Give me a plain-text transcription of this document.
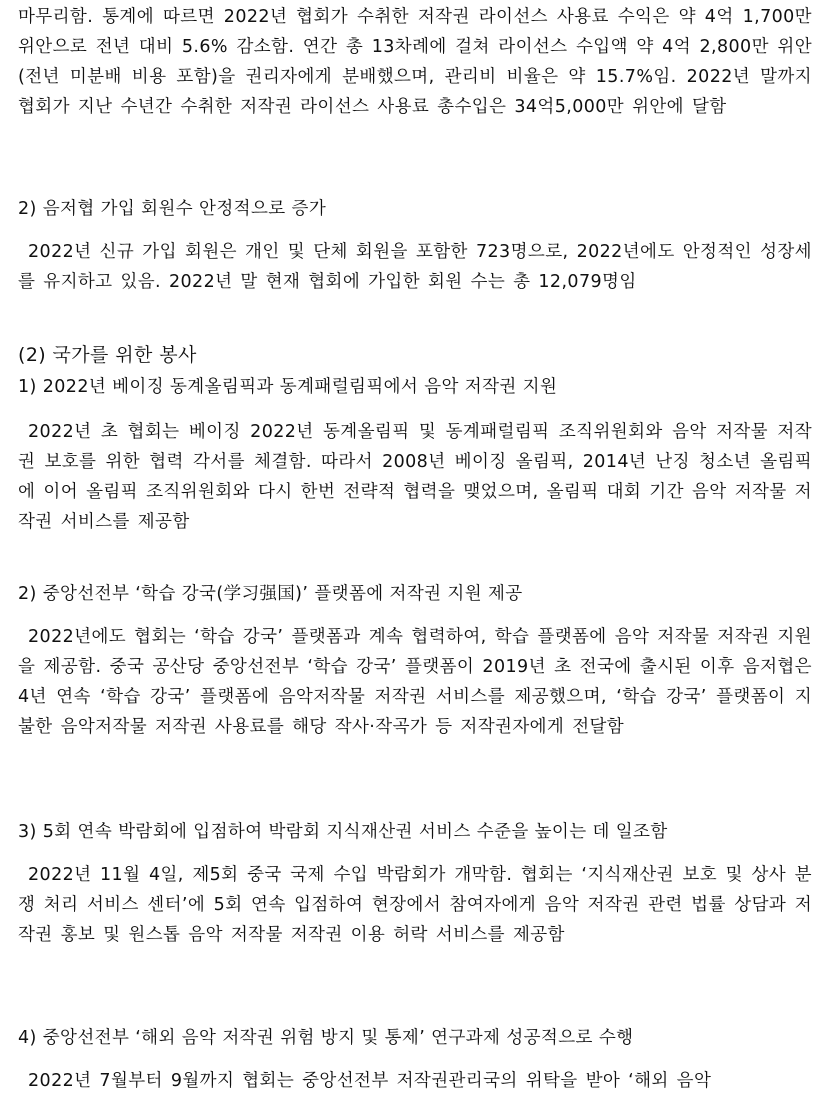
마무리함. 통계에 따르면 2022년 협회가 수취한 저작권 라이선스 사용료 수익은 약 4억 1,700만 위안으로 전년 대비 5.6% 감소함. 연간 총 13차례에 걸쳐 라이선스 수입액 약 4억 2,800만 위안(전년 미분배 비용 포함)을 권리자에게 분배했으며, 관리비 비율은 약 15.7%임. 2022년 말까지 협회가 지난 수년간 수취한 저작권 라이선스 사용료 총수입은 34억5,000만 위안에 달함
2) 음저협 가입 회원수 안정적으로 증가
2022년 신규 가입 회원은 개인 및 단체 회원을 포함한 723명으로, 2022년에도 안정적인 성장세를 유지하고 있음. 2022년 말 현재 협회에 가입한 회원 수는 총 12,079명임
(2) 국가를 위한 봉사
1) 2022년 베이징 동계올림픽과 동계패럴림픽에서 음악 저작권 지원
2022년 초 협회는 베이징 2022년 동계올림픽 및 동계패럴림픽 조직위원회와 음악 저작물 저작권 보호를 위한 협력 각서를 체결함. 따라서 2008년 베이징 올림픽, 2014년 난징 청소년 올림픽에 이어 올림픽 조직위원회와 다시 한번 전략적 협력을 맺었으며, 올림픽 대회 기간 음악 저작물 저작권 서비스를 제공함
2) 중앙선전부 ‘학습 강국(学习强国)’ 플랫폼에 저작권 지원 제공
2022년에도 협회는 ‘학습 강국’ 플랫폼과 계속 협력하여, 학습 플랫폼에 음악 저작물 저작권 지원을 제공함. 중국 공산당 중앙선전부 ‘학습 강국’ 플랫폼이 2019년 초 전국에 출시된 이후 음저협은 4년 연속 ‘학습 강국’ 플랫폼에 음악저작물 저작권 서비스를 제공했으며, ‘학습 강국’ 플랫폼이 지불한 음악저작물 저작권 사용료를 해당 작사·작곡가 등 저작권자에게 전달함
3) 5회 연속 박람회에 입점하여 박람회 지식재산권 서비스 수준을 높이는 데 일조함
2022년 11월 4일, 제5회 중국 국제 수입 박람회가 개막함. 협회는 ‘지식재산권 보호 및 상사 분쟁 처리 서비스 센터’에 5회 연속 입점하여 현장에서 참여자에게 음악 저작권 관련 법률 상담과 저작권 홍보 및 원스톱 음악 저작물 저작권 이용 허락 서비스를 제공함
4) 중앙선전부 ‘해외 음악 저작권 위험 방지 및 통제’ 연구과제 성공적으로 수행
2022년 7월부터 9월까지 협회는 중앙선전부 저작권관리국의 위탁을 받아 ‘해외 음악
